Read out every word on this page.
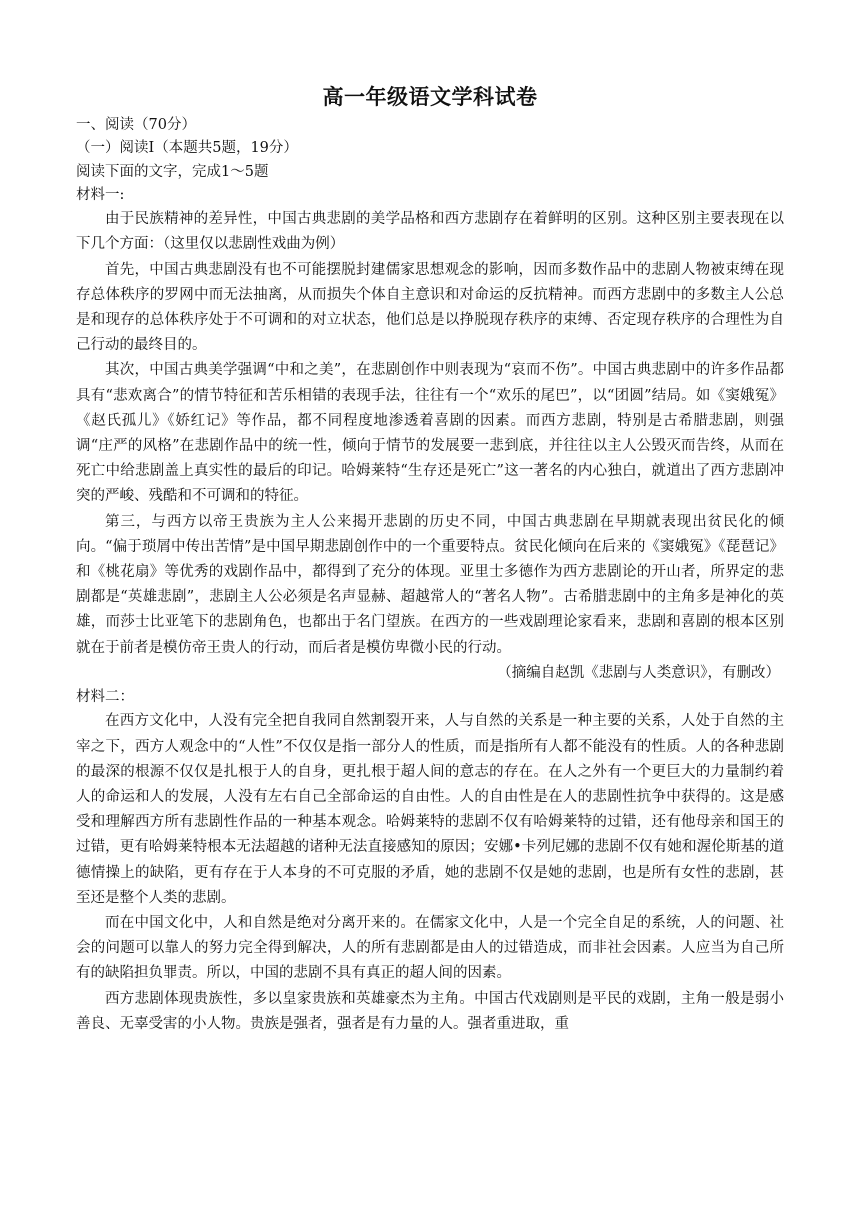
高一年级语文学科试卷

一、阅读（70分）

（一）阅读Ⅰ（本题共5题，19分）

阅读下面的文字，完成1～5题

材料一:

由于民族精神的差异性，中国古典悲剧的美学品格和西方悲剧存在着鲜明的区别。这种区别主要表现在以下几个方面：（这里仅以悲剧性戏曲为例）

首先，中国古典悲剧没有也不可能摆脱封建儒家思想观念的影响，因而多数作品中的悲剧人物被束缚在现存总体秩序的罗网中而无法抽离，从而损失个体自主意识和对命运的反抗精神。而西方悲剧中的多数主人公总是和现存的总体秩序处于不可调和的对立状态，他们总是以挣脱现存秩序的束缚、否定现存秩序的合理性为自己行动的最终目的。

其次，中国古典美学强调“中和之美”，在悲剧创作中则表现为“哀而不伤”。中国古典悲剧中的许多作品都具有“悲欢离合”的情节特征和苦乐相错的表现手法，往往有一个“欢乐的尾巴”，以“团圆”结局。如《窦娥冤》《赵氏孤儿》《娇红记》等作品，都不同程度地渗透着喜剧的因素。而西方悲剧，特别是古希腊悲剧，则强调“庄严的风格”在悲剧作品中的统一性，倾向于情节的发展要一悲到底，并往往以主人公毁灭而告终，从而在死亡中给悲剧盖上真实性的最后的印记。哈姆莱特“生存还是死亡”这一著名的内心独白，就道出了西方悲剧冲突的严峻、残酷和不可调和的特征。

第三，与西方以帝王贵族为主人公来揭开悲剧的历史不同，中国古典悲剧在早期就表现出贫民化的倾向。“偏于琐屑中传出苦情”是中国早期悲剧创作中的一个重要特点。贫民化倾向在后来的《窦娥冤》《琵琶记》和《桃花扇》等优秀的戏剧作品中，都得到了充分的体现。亚里士多德作为西方悲剧论的开山者，所界定的悲剧都是“英雄悲剧”，悲剧主人公必须是名声显赫、超越常人的“著名人物”。古希腊悲剧中的主角多是神化的英雄，而莎士比亚笔下的悲剧角色，也都出于名门望族。在西方的一些戏剧理论家看来，悲剧和喜剧的根本区别就在于前者是模仿帝王贵人的行动，而后者是模仿卑微小民的行动。

（摘编自赵凯《悲剧与人类意识》，有删改）

材料二：

在西方文化中，人没有完全把自我同自然割裂开来，人与自然的关系是一种主要的关系，人处于自然的主宰之下，西方人观念中的“人性”不仅仅是指一部分人的性质，而是指所有人都不能没有的性质。人的各种悲剧的最深的根源不仅仅是扎根于人的自身，更扎根于超人间的意志的存在。在人之外有一个更巨大的力量制约着人的命运和人的发展，人没有左右自己全部命运的自由性。人的自由性是在人的悲剧性抗争中获得的。这是感受和理解西方所有悲剧性作品的一种基本观念。哈姆莱特的悲剧不仅有哈姆莱特的过错，还有他母亲和国王的过错，更有哈姆莱特根本无法超越的诸种无法直接感知的原因；安娜•卡列尼娜的悲剧不仅有她和渥伦斯基的道德情操上的缺陷，更有存在于人本身的不可克服的矛盾，她的悲剧不仅是她的悲剧，也是所有女性的悲剧，甚至还是整个人类的悲剧。

而在中国文化中，人和自然是绝对分离开来的。在儒家文化中，人是一个完全自足的系统，人的问题、社会的问题可以靠人的努力完全得到解决，人的所有悲剧都是由人的过错造成，而非社会因素。人应当为自己所有的缺陷担负罪责。所以，中国的悲剧不具有真正的超人间的因素。

西方悲剧体现贵族性，多以皇家贵族和英雄豪杰为主角。中国古代戏剧则是平民的戏剧，主角一般是弱小善良、无辜受害的小人物。贵族是强者，强者是有力量的人。强者重进取，重
